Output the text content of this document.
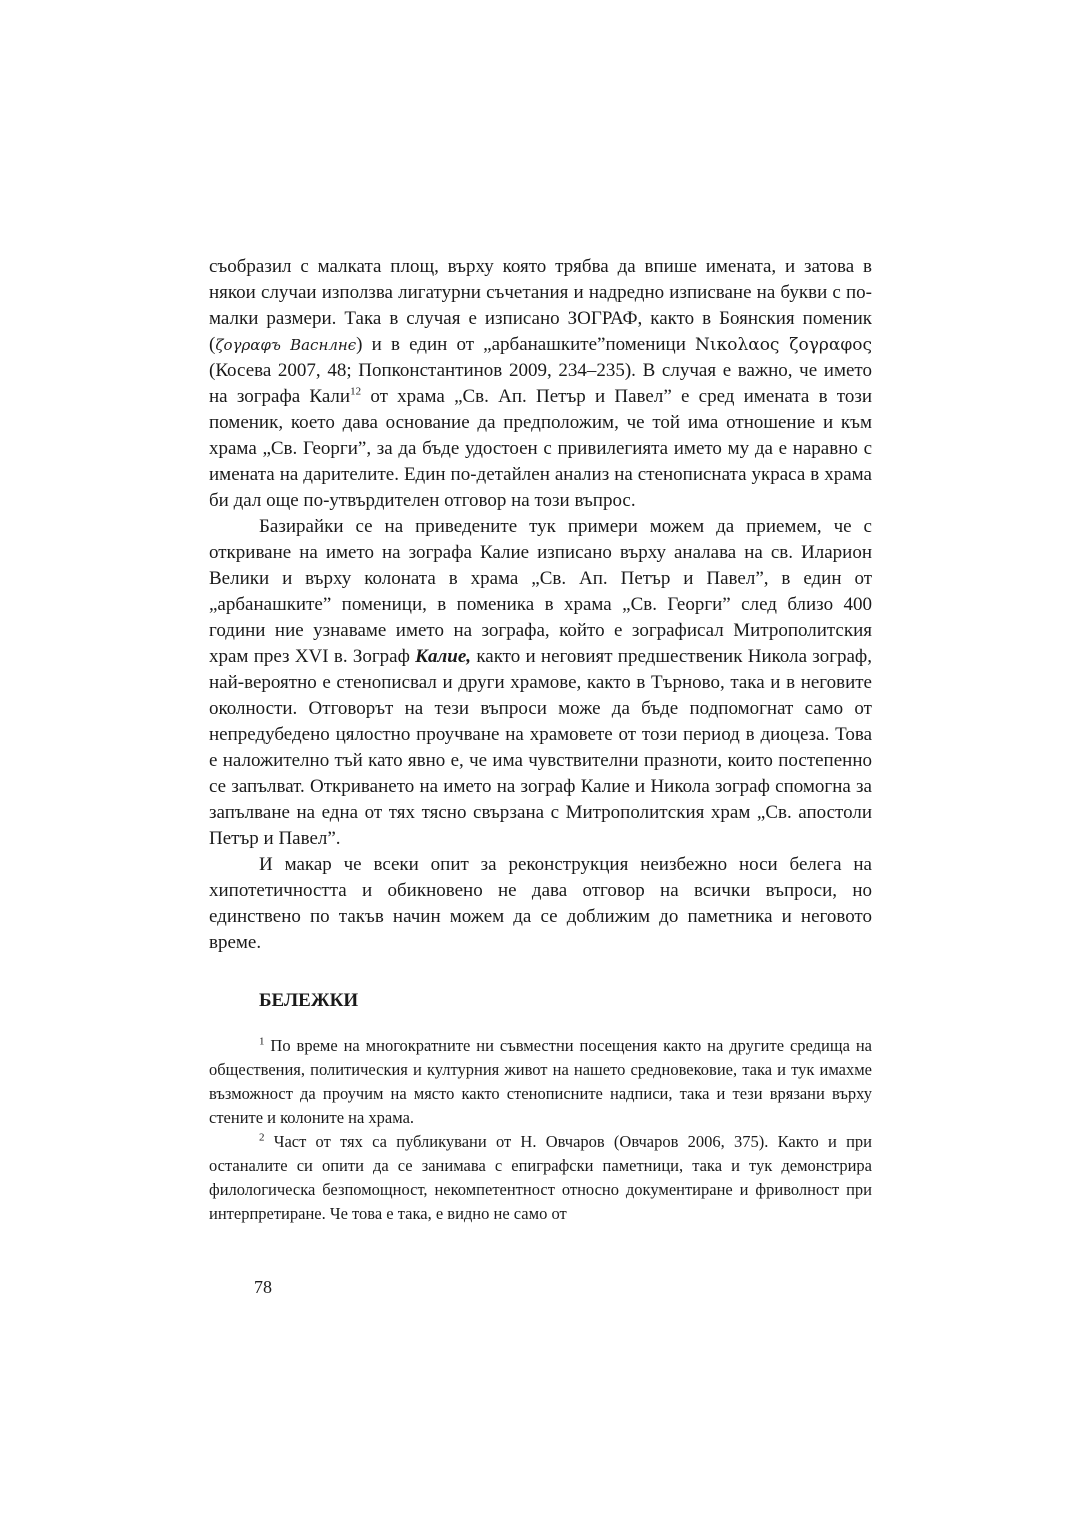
съобразил с малката площ, върху която трябва да впише имената, и затова в някои случаи използва лигатурни съчетания и надредно изписване на букви с по-малки размери. Така в случая е изписано ЗОГРАФ, както в Боянския поменик (ζογραφъ Βаснлнє) и в един от „арбанашките”поменици Νικολαος ζογραφος (Косева 2007, 48; Попконстантинов 2009, 234–235). В случая е важно, че името на зографа Кали$^{12}$ от храма „Св. Ап. Петър и Павел” е сред имената в този поменик, което дава основание да предположим, че той има отношение и към храма „Св. Георги”, за да бъде удостоен с привилегията името му да е наравно с имената на дарителите. Един по-детайлен анализ на стенописната украса в храма би дал още по-утвърдителен отговор на този въпрос.

Базирайки се на приведените тук примери можем да приемем, че с откриване на името на зографа Калие изписано върху аналава на св. Иларион Велики и върху колоната в храма „Св. Ап. Петър и Павел”, в един от „арбанашките” поменици, в поменика в храма „Св. Георги” след близо 400 години ние узнаваме името на зографа, който е зографисал Митрополитския храм през XVI в. Зограф Калие, както и неговият предшественик Никола зограф, най-вероятно е стенописвал и други храмове, както в Търново, така и в неговите околности. Отговорът на тези въпроси може да бъде подпомогнат само от непредубедено цялостно проучване на храмовете от този период в диоцеза. Това е наложително тъй като явно е, че има чувствителни празноти, които постепенно се запълват. Откриването на името на зограф Калие и Никола зограф спомогна за запълване на една от тях тясно свързана с Митрополитския храм „Св. апостоли Петър и Павел”.

И макар че всеки опит за реконструкция неизбежно носи белега на хипотетичността и обикновено не дава отговор на всички въпроси, но единствено по такъв начин можем да се доближим до паметника и неговото време.

БЕЛЕЖКИ

$^1$ По време на многократните ни съвместни посещения както на другите средища на обществения, политическия и културния живот на нашето средновековие, така и тук имахме възможност да проучим на място както стенописните надписи, така и тези врязани върху стените и колоните на храма.

$^2$ Част от тях са публикувани от Н. Овчаров (Овчаров 2006, 375). Както и при останалите си опити да се занимава с епиграфски паметници, така и тук демонстрира филологическа безпомощност, некомпетентност относно документиране и фриволност при интерпретиране. Че това е така, е видно не само от

78
